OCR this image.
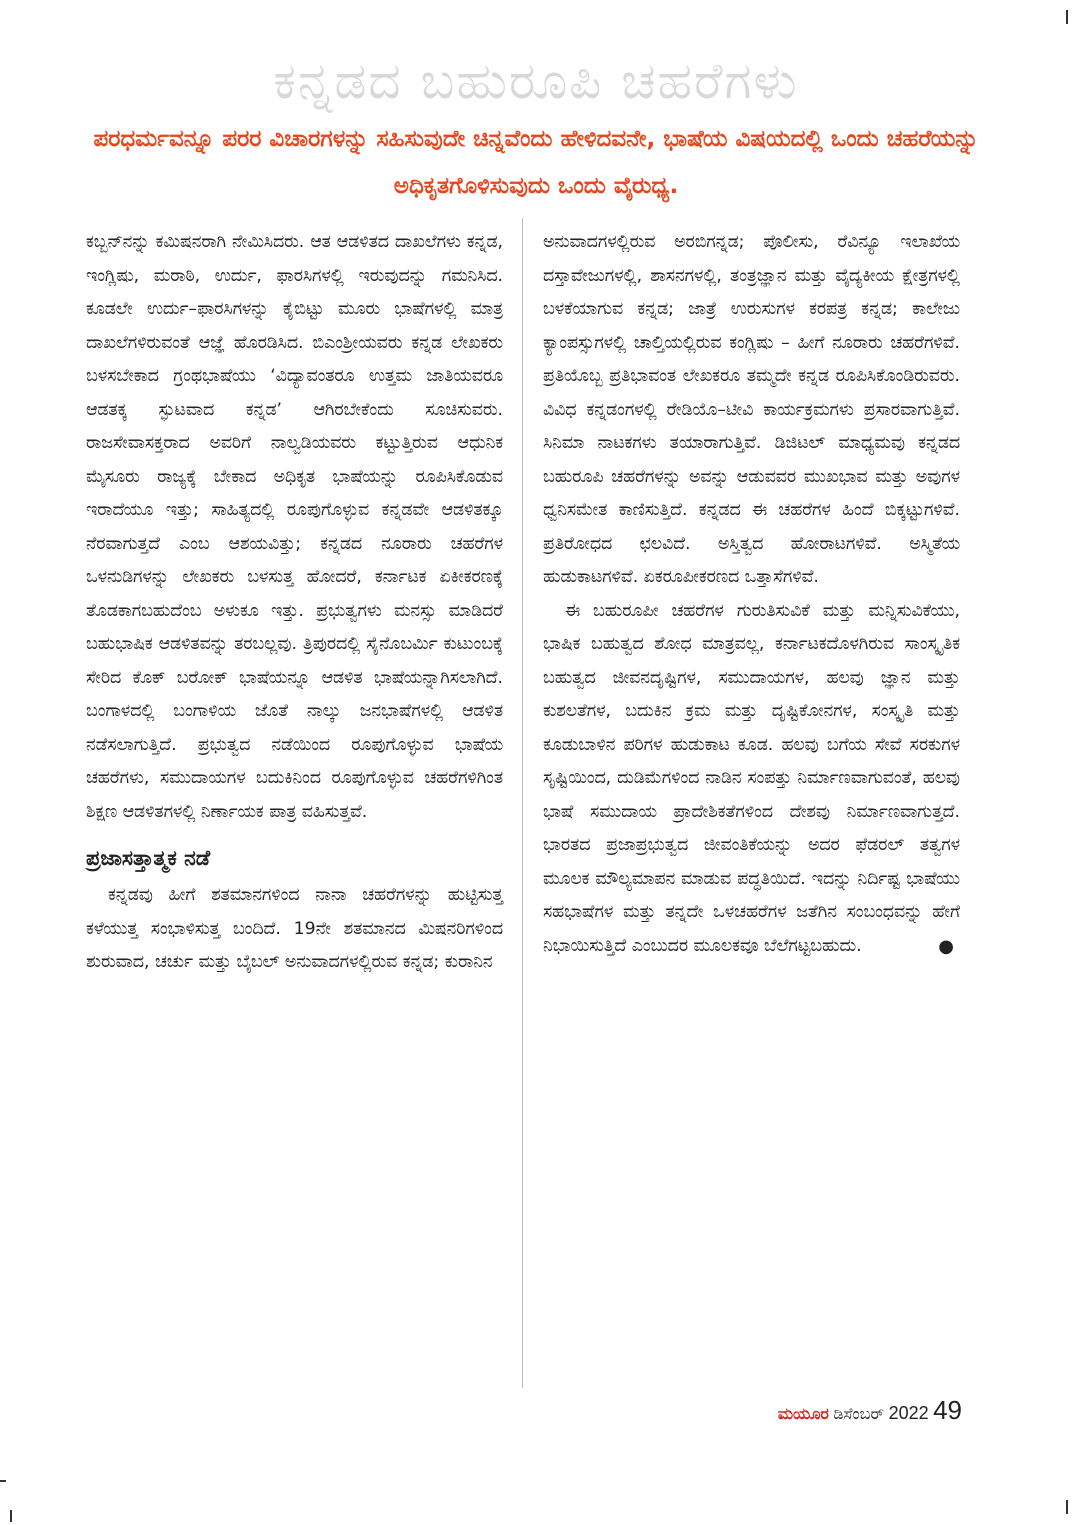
ಕನ್ನಡದ ಬಹುರೂಪಿ ಚಹರೆಗಳು
ಪರಧರ್ಮವನ್ನೂ ಪರರ ವಿಚಾರಗಳನ್ನು ಸಹಿಸುವುದೇ ಚಿನ್ನವೆಂದು ಹೇಳಿದವನೇ, ಭಾಷೆಯ ವಿಷಯದಲ್ಲಿ ಒಂದು ಚಹರೆಯನ್ನು ಅಧಿಕೃತಗೊಳಿಸುವುದು ಒಂದು ವೈರುಧ್ಯ.

ಕಬ್ಬನ್‌ನನ್ನು ಕಮಿಷನರಾಗಿ ನೇಮಿಸಿದರು. ಆತ ಆಡಳಿತದ ದಾಖಲೆಗಳು ಕನ್ನಡ, ಇಂಗ್ಲಿಷು, ಮರಾಠಿ, ಉರ್ದು, ಫಾರಸಿಗಳಲ್ಲಿ ಇರುವುದನ್ನು ಗಮನಿಸಿದ. ಕೂಡಲೇ ಉರ್ದು–ಫಾರಸಿಗಳನ್ನು ಕೈಬಿಟ್ಟು ಮೂರು ಭಾಷೆಗಳಲ್ಲಿ ಮಾತ್ರ ದಾಖಲೆಗಳಿರುವಂತೆ ಆಜ್ಞೆ ಹೊರಡಿಸಿದ. ಬಿಎಂಶ್ರೀಯವರು ಕನ್ನಡ ಲೇಖಕರು ಬಳಸಬೇಕಾದ ಗ್ರಂಥಭಾಷೆಯು ‘ವಿದ್ಯಾವಂತರೂ ಉತ್ತಮ ಜಾತಿಯವರೂ ಆಡತಕ್ಕ ಸ್ಫುಟವಾದ ಕನ್ನಡ’ ಆಗಿರಬೇಕೆಂದು ಸೂಚಿಸುವರು. ರಾಜಸೇವಾಸಕ್ತರಾದ ಅವರಿಗೆ ನಾಲ್ವಡಿಯವರು ಕಟ್ಟುತ್ತಿರುವ ಆಧುನಿಕ ಮೈಸೂರು ರಾಜ್ಯಕ್ಕೆ ಬೇಕಾದ ಅಧಿಕೃತ ಭಾಷೆಯನ್ನು ರೂಪಿಸಿಕೊಡುವ ಇರಾದೆಯೂ ಇತ್ತು; ಸಾಹಿತ್ಯದಲ್ಲಿ ರೂಪುಗೊಳ್ಳುವ ಕನ್ನಡವೇ ಆಡಳಿತಕ್ಕೂ ನೆರವಾಗುತ್ತದೆ ಎಂಬ ಆಶಯವಿತ್ತು; ಕನ್ನಡದ ನೂರಾರು ಚಹರೆಗಳ ಒಳನುಡಿಗಳನ್ನು ಲೇಖಕರು ಬಳಸುತ್ತ ಹೋದರೆ, ಕರ್ನಾಟಕ ಏಕೀಕರಣಕ್ಕೆ ತೊಡಕಾಗಬಹುದೆಂಬ ಅಳುಕೂ ಇತ್ತು. ಪ್ರಭುತ್ವಗಳು ಮನಸ್ಸು ಮಾಡಿದರೆ ಬಹುಭಾಷಿಕ ಆಡಳಿತವನ್ನು ತರಬಲ್ಲವು. ತ್ರಿಪುರದಲ್ಲಿ ಸೈನೊಬರ್ಮಿ ಕುಟುಂಬಕ್ಕೆ ಸೇರಿದ ಕೊಕ್ ಬರೋಕ್ ಭಾಷೆಯನ್ನೂ ಆಡಳಿತ ಭಾಷೆಯನ್ನಾಗಿಸಲಾಗಿದೆ. ಬಂಗಾಳದಲ್ಲಿ ಬಂಗಾಳಿಯ ಜೊತೆ ನಾಲ್ಕು ಜನಭಾಷೆಗಳಲ್ಲಿ ಆಡಳಿತ ನಡೆಸಲಾಗುತ್ತಿದೆ. ಪ್ರಭುತ್ವದ ನಡೆಯಿಂದ ರೂಪುಗೊಳ್ಳುವ ಭಾಷೆಯ ಚಹರೆಗಳು, ಸಮುದಾಯಗಳ ಬದುಕಿನಿಂದ ರೂಪುಗೊಳ್ಳುವ ಚಹರೆಗಳಿಗಿಂತ ಶಿಕ್ಷಣ ಆಡಳಿತಗಳಲ್ಲಿ ನಿರ್ಣಾಯಕ ಪಾತ್ರ ವಹಿಸುತ್ತವೆ.

ಪ್ರಜಾಸತ್ತಾತ್ಮಕ ನಡೆ

ಕನ್ನಡವು ಹೀಗೆ ಶತಮಾನಗಳಿಂದ ನಾನಾ ಚಹರೆಗಳನ್ನು ಹುಟ್ಟಿಸುತ್ತ ಕಳೆಯುತ್ತ ಸಂಭಾಳಿಸುತ್ತ ಬಂದಿದೆ. 19ನೇ ಶತಮಾನದ ಮಿಷನರಿಗಳಿಂದ ಶುರುವಾದ, ಚರ್ಚು ಮತ್ತು ಬೈಬಲ್ ಅನುವಾದಗಳಲ್ಲಿರುವ ಕನ್ನಡ; ಕುರಾನಿನ

ಅನುವಾದಗಳಲ್ಲಿರುವ ಅರಬಿಗನ್ನಡ; ಪೊಲೀಸು, ರೆವಿನ್ಯೂ ಇಲಾಖೆಯ ದಸ್ತಾವೇಜುಗಳಲ್ಲಿ, ಶಾಸನಗಳಲ್ಲಿ, ತಂತ್ರಜ್ಞಾನ ಮತ್ತು ವೈದ್ಯಕೀಯ ಕ್ಷೇತ್ರಗಳಲ್ಲಿ ಬಳಕೆಯಾಗುವ ಕನ್ನಡ; ಜಾತ್ರೆ ಉರುಸುಗಳ ಕರಪತ್ರ ಕನ್ನಡ; ಕಾಲೇಜು ಕ್ಯಾಂಪಸ್ಸುಗಳಲ್ಲಿ ಚಾಲ್ತಿಯಲ್ಲಿರುವ ಕಂಗ್ಲಿಷು – ಹೀಗೆ ನೂರಾರು ಚಹರೆಗಳಿವೆ. ಪ್ರತಿಯೊಬ್ಬ ಪ್ರತಿಭಾವಂತ ಲೇಖಕರೂ ತಮ್ಮದೇ ಕನ್ನಡ ರೂಪಿಸಿಕೊಂಡಿರುವರು. ವಿವಿಧ ಕನ್ನಡಂಗಳಲ್ಲಿ ರೇಡಿಯೊ–ಟೀವಿ ಕಾರ್ಯಕ್ರಮಗಳು ಪ್ರಸಾರವಾಗುತ್ತಿವೆ. ಸಿನಿಮಾ ನಾಟಕಗಳು ತಯಾರಾಗುತ್ತಿವೆ. ಡಿಜಿಟಲ್ ಮಾಧ್ಯಮವು ಕನ್ನಡದ ಬಹುರೂಪಿ ಚಹರೆಗಳನ್ನು ಅವನ್ನು ಆಡುವವರ ಮುಖಭಾವ ಮತ್ತು ಅವುಗಳ ಧ್ವನಿಸಮೇತ ಕಾಣಿಸುತ್ತಿದೆ. ಕನ್ನಡದ ಈ ಚಹರೆಗಳ ಹಿಂದೆ ಬಿಕ್ಕಟ್ಟುಗಳಿವೆ. ಪ್ರತಿರೋಧದ ಛಲವಿದೆ. ಅಸ್ತಿತ್ವದ ಹೋರಾಟಗಳಿವೆ. ಅಸ್ಮಿತೆಯ ಹುಡುಕಾಟಗಳಿವೆ. ಏಕರೂಪೀಕರಣದ ಒತ್ತಾಸೆಗಳಿವೆ.

ಈ ಬಹುರೂಪೀ ಚಹರೆಗಳ ಗುರುತಿಸುವಿಕೆ ಮತ್ತು ಮನ್ನಿಸುವಿಕೆಯು, ಭಾಷಿಕ ಬಹುತ್ವದ ಶೋಧ ಮಾತ್ರವಲ್ಲ, ಕರ್ನಾಟಕದೊಳಗಿರುವ ಸಾಂಸ್ಕೃತಿಕ ಬಹುತ್ವದ ಜೀವನದೃಷ್ಟಿಗಳ, ಸಮುದಾಯಗಳ, ಹಲವು ಜ್ಞಾನ ಮತ್ತು ಕುಶಲತೆಗಳ, ಬದುಕಿನ ಕ್ರಮ ಮತ್ತು ದೃಷ್ಟಿಕೋನಗಳ, ಸಂಸ್ಕೃತಿ ಮತ್ತು ಕೂಡುಬಾಳಿನ ಪರಿಗಳ ಹುಡುಕಾಟ ಕೂಡ. ಹಲವು ಬಗೆಯ ಸೇವೆ ಸರಕುಗಳ ಸೃಷ್ಟಿಯಿಂದ, ದುಡಿಮೆಗಳಿಂದ ನಾಡಿನ ಸಂಪತ್ತು ನಿರ್ಮಾಣವಾಗುವಂತೆ, ಹಲವು ಭಾಷೆ ಸಮುದಾಯ ಪ್ರಾದೇಶಿಕತೆಗಳಿಂದ ದೇಶವು ನಿರ್ಮಾಣವಾಗುತ್ತದೆ. ಭಾರತದ ಪ್ರಜಾಪ್ರಭುತ್ವದ ಜೀವಂತಿಕೆಯನ್ನು ಅದರ ಫೆಡರಲ್ ತತ್ವಗಳ ಮೂಲಕ ಮೌಲ್ಯಮಾಪನ ಮಾಡುವ ಪದ್ಧತಿಯಿದೆ. ಇದನ್ನು ನಿರ್ದಿಷ್ಟ ಭಾಷೆಯು ಸಹಭಾಷೆಗಳ ಮತ್ತು ತನ್ನದೇ ಒಳಚಹರೆಗಳ ಜತೆಗಿನ ಸಂಬಂಧವನ್ನು ಹೇಗೆ ನಿಭಾಯಿಸುತ್ತಿದೆ ಎಂಬುದರ ಮೂಲಕವೂ ಬೆಲೆಗಟ್ಟಬಹುದು.	●

ಮಯೂರ ಡಿಸೆಂಬರ್ 2022 49
